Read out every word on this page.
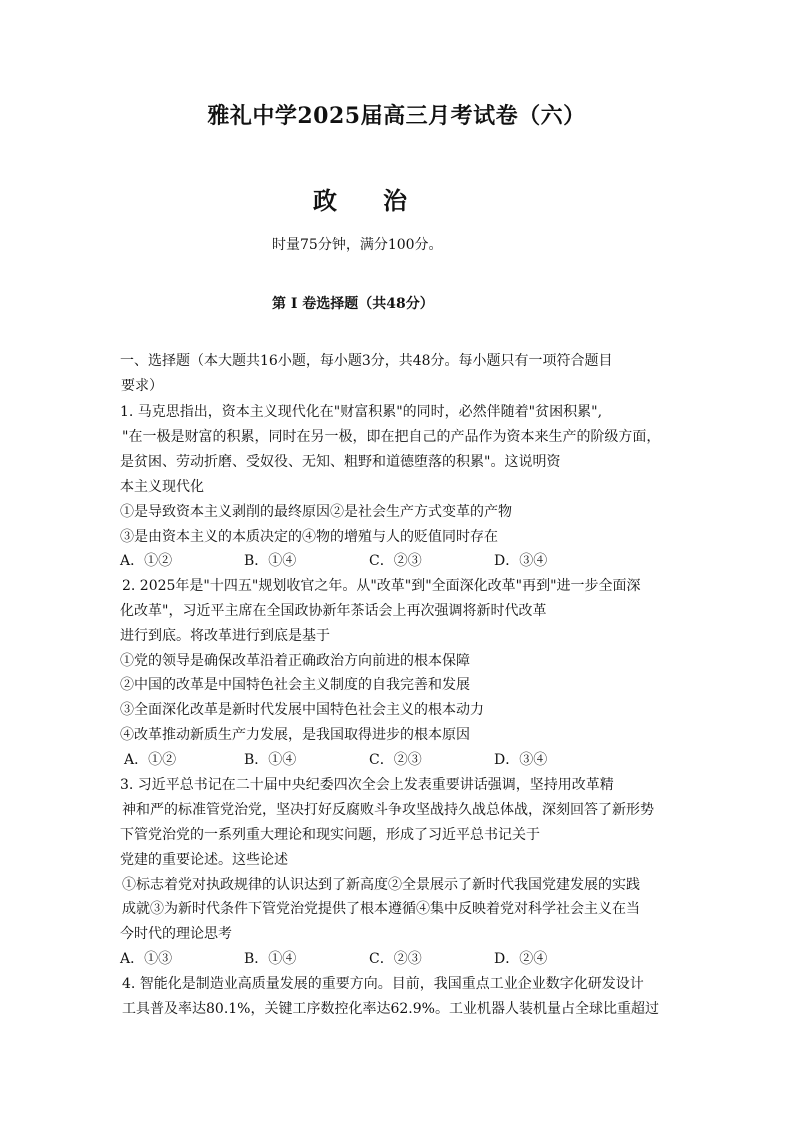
雅礼中学2025届高三月考试卷（六）
政治
时量75分钟，满分100分。
第 I 卷选择题（共48分）
一、选择题（本大题共16小题，每小题3分，共48分。每小题只有一项符合题目
要求）
1. 马克思指出，资本主义现代化在"财富积累"的同时，必然伴随着"贫困积累",
"在一极是财富的积累，同时在另一极，即在把自己的产品作为资本来生产的阶级方面，
是贫困、劳动折磨、受奴役、无知、粗野和道德堕落的积累"。这说明资
本主义现代化
①是导致资本主义剥削的最终原因②是社会生产方式变革的产物
③是由资本主义的本质决定的④物的增殖与人的贬值同时存在
A．①②	B．①④	C．②③	D．③④
2. 2025年是"十四五"规划收官之年。从"改革"到"全面深化改革"再到"进一步全面深
化改革"，习近平主席在全国政协新年茶话会上再次强调将新时代改革
进行到底。将改革进行到底是基于
①党的领导是确保改革沿着正确政治方向前进的根本保障
②中国的改革是中国特色社会主义制度的自我完善和发展
③全面深化改革是新时代发展中国特色社会主义的根本动力
④改革推动新质生产力发展，是我国取得进步的根本原因
A．①②	B．①④	C．②③	D．③④
3. 习近平总书记在二十届中央纪委四次全会上发表重要讲话强调，坚持用改革精
神和严的标准管党治党，坚决打好反腐败斗争攻坚战持久战总体战，深刻回答了新形势
下管党治党的一系列重大理论和现实问题，形成了习近平总书记关于
党建的重要论述。这些论述
①标志着党对执政规律的认识达到了新高度②全景展示了新时代我国党建发展的实践
成就③为新时代条件下管党治党提供了根本遵循④集中反映着党对科学社会主义在当
今时代的理论思考
A．①③	B．①④	C．②③	D．②④
4. 智能化是制造业高质量发展的重要方向。目前，我国重点工业企业数字化研发设计
工具普及率达80.1%，关键工序数控化率达62.9%。工业机器人装机量占全球比重超过
